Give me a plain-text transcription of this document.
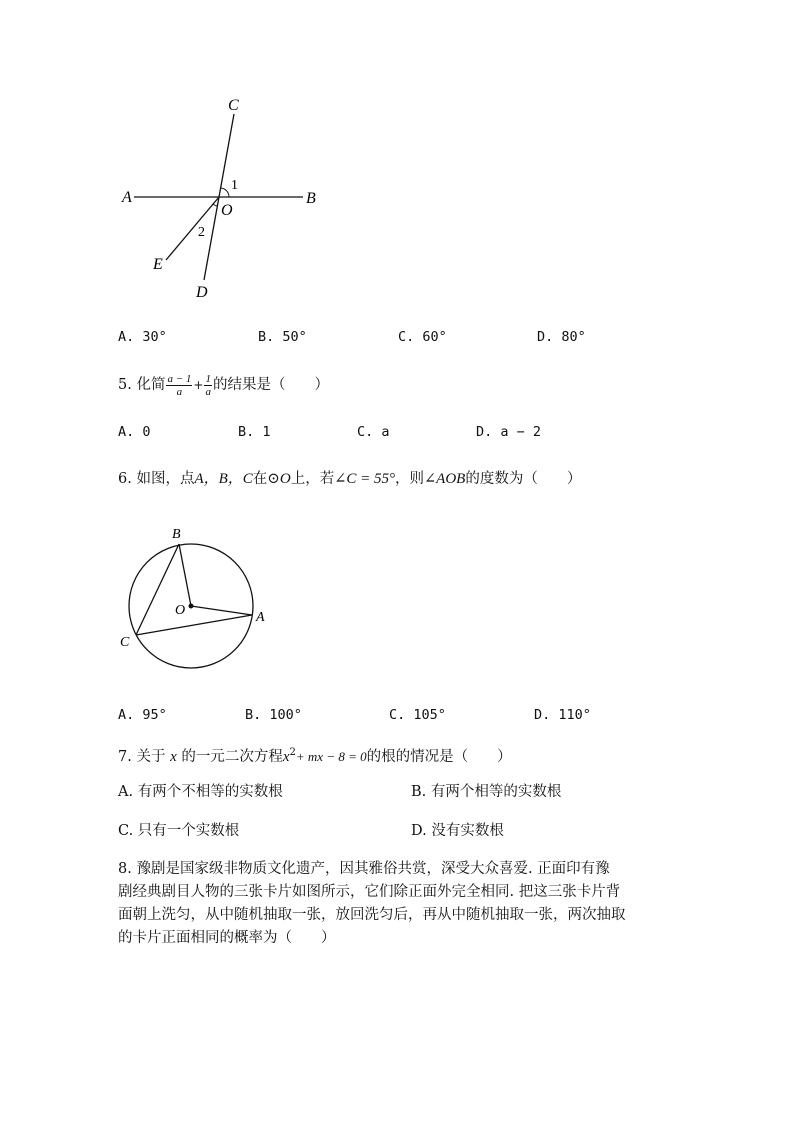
C
A
O
B
E
D
1
2
A. 30°	B. 50°	C. 60°	D. 80°
5. 化简 $\frac{a - 1}{a} + \frac{1}{a}$ 的结果是（　　）
A. 0	B. 1	C. a	D. a − 2
6. 如图，点A，B，C在⊙O上，若∠C = 55°，则∠AOB的度数为（　　）
B
O	A
C
A. 95°	B. 100°	C. 105°	D. 110°
7. 关于 x 的一元二次方程$x^2+$ mx − 8 = 0的根的情况是（　　）
A. 有两个不相等的实数根	B. 有两个相等的实数根
C. 只有一个实数根	D. 没有实数根
8. 豫剧是国家级非物质文化遗产，因其雅俗共赏，深受大众喜爱. 正面印有豫
剧经典剧目人物的三张卡片如图所示，它们除正面外完全相同. 把这三张卡片背
面朝上洗匀，从中随机抽取一张，放回洗匀后，再从中随机抽取一张，两次抽取
的卡片正面相同的概率为（　　）
